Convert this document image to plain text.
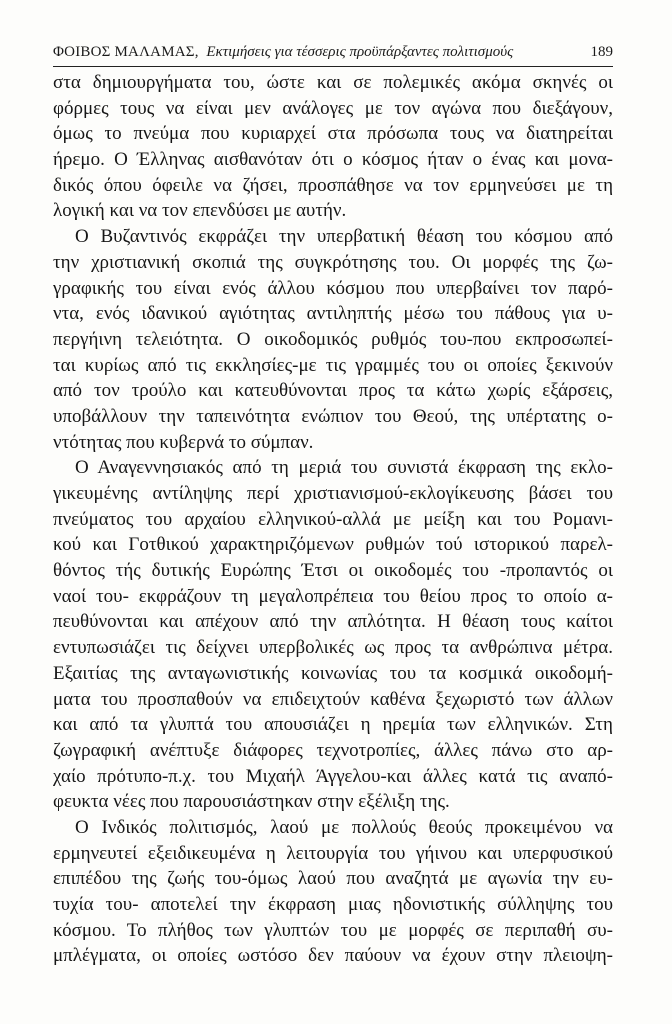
ΦΟΙΒΟΣ ΜΑΛΑΜΑΣ, Εκτιμήσεις για τέσσερις προϋπάρξαντες πολιτισμούς	189
στα δημιουργήματα του, ώστε και σε πολεμικές ακόμα σκηνές οι
φόρμες τους να είναι μεν ανάλογες με τον αγώνα που διεξάγουν,
όμως το πνεύμα που κυριαρχεί στα πρόσωπα τους να διατηρείται
ήρεμο. Ο Έλληνας αισθανόταν ότι ο κόσμος ήταν ο ένας και μονα-
δικός όπου όφειλε να ζήσει, προσπάθησε να τον ερμηνεύσει με τη
λογική και να τον επενδύσει με αυτήν.
Ο Βυζαντινός εκφράζει την υπερβατική θέαση του κόσμου από
την χριστιανική σκοπιά της συγκρότησης του. Οι μορφές της ζω-
γραφικής του είναι ενός άλλου κόσμου που υπερβαίνει τον παρό-
ντα, ενός ιδανικού αγιότητας αντιληπτής μέσω του πάθους για υ-
περγήινη τελειότητα. Ο οικοδομικός ρυθμός του-που εκπροσωπεί-
ται κυρίως από τις εκκλησίες-με τις γραμμές του οι οποίες ξεκινούν
από τον τρούλο και κατευθύνονται προς τα κάτω χωρίς εξάρσεις,
υποβάλλουν την ταπεινότητα ενώπιον του Θεού, της υπέρτατης ο-
ντότητας που κυβερνά το σύμπαν.
Ο Αναγεννησιακός από τη μεριά του συνιστά έκφραση της εκλο-
γικευμένης αντίληψης περί χριστιανισμού-εκλογίκευσης βάσει του
πνεύματος του αρχαίου ελληνικού-αλλά με μείξη και του Ρομανι-
κού και Γοτθικού χαρακτηριζόμενων ρυθμών τού ιστορικού παρελ-
θόντος τής δυτικής Ευρώπης Έτσι οι οικοδομές του -προπαντός οι
ναοί του- εκφράζουν τη μεγαλοπρέπεια του θείου προς το οποίο α-
πευθύνονται και απέχουν από την απλότητα. Η θέαση τους καίτοι
εντυπωσιάζει τις δείχνει υπερβολικές ως προς τα ανθρώπινα μέτρα.
Εξαιτίας της ανταγωνιστικής κοινωνίας του τα κοσμικά οικοδομή-
ματα του προσπαθούν να επιδειχτούν καθένα ξεχωριστό των άλλων
και από τα γλυπτά του απουσιάζει η ηρεμία των ελληνικών. Στη
ζωγραφική ανέπτυξε διάφορες τεχνοτροπίες, άλλες πάνω στο αρ-
χαίο πρότυπο-π.χ. του Μιχαήλ Άγγελου-και άλλες κατά τις αναπό-
φευκτα νέες που παρουσιάστηκαν στην εξέλιξη της.
Ο Ινδικός πολιτισμός, λαού με πολλούς θεούς προκειμένου να
ερμηνευτεί εξειδικευμένα η λειτουργία του γήινου και υπερφυσικού
επιπέδου της ζωής του-όμως λαού που αναζητά με αγωνία την ευ-
τυχία του- αποτελεί την έκφραση μιας ηδονιστικής σύλληψης του
κόσμου. Το πλήθος των γλυπτών του με μορφές σε περιπαθή συ-
μπλέγματα, οι οποίες ωστόσο δεν παύουν να έχουν στην πλειοψη-
